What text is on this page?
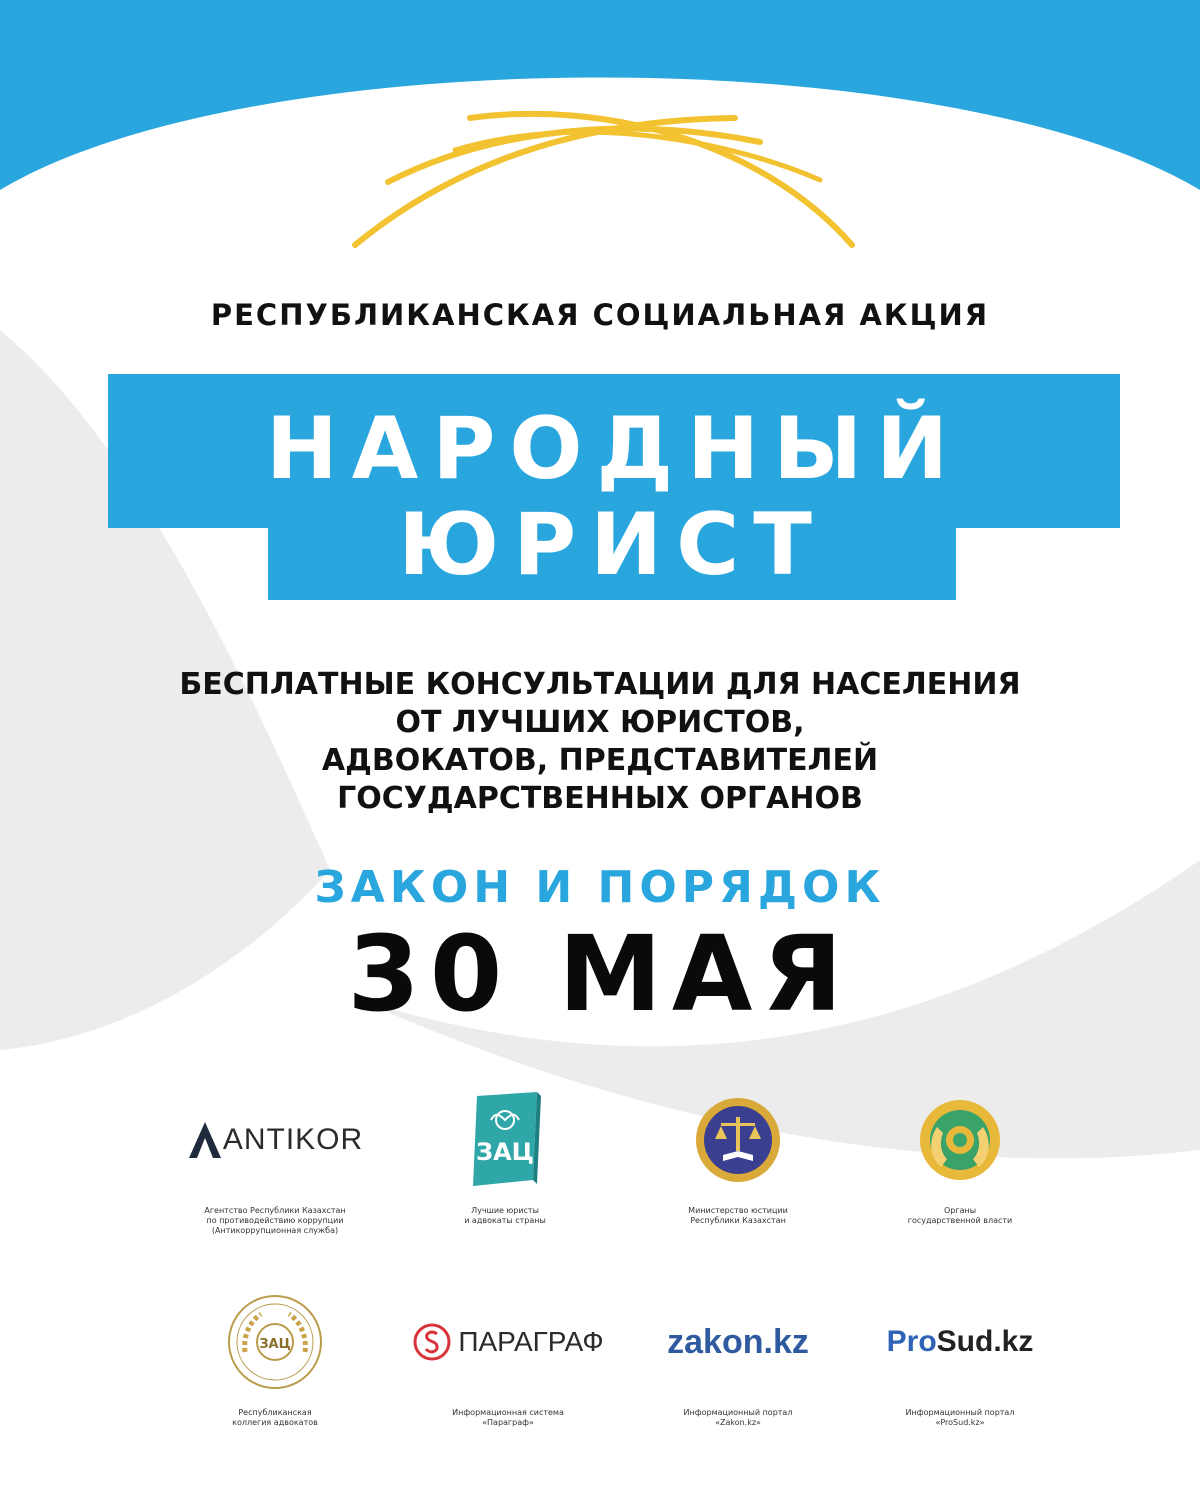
РЕСПУБЛИКАНСКАЯ СОЦИАЛЬНАЯ АКЦИЯ
НАРОДНЫЙ
ЮРИСТ
БЕСПЛАТНЫЕ КОНСУЛЬТАЦИИ ДЛЯ НАСЕЛЕНИЯ
ОТ ЛУЧШИХ ЮРИСТОВ,
АДВОКАТОВ, ПРЕДСТАВИТЕЛЕЙ
ГОСУДАРСТВЕННЫХ ОРГАНОВ
ЗАКОН И ПОРЯДОК
30 МАЯ
ANTIKOR
Агентство Республики Казахстан
по противодействию коррупции
(Антикоррупционная служба)
ЗАЦ
Лучшие юристы
и адвокаты страны
Министерство юстиции
Республики Казахстан
Органы
государственной власти
ЗАЦ
Республиканская
коллегия адвокатов
ПАРАГРАФ
Информационная система
«Параграф»
zakon.kz
Информационный портал
«Zakon.kz»
Pro Sud.kz
Информационный портал
«ProSud.kz»
